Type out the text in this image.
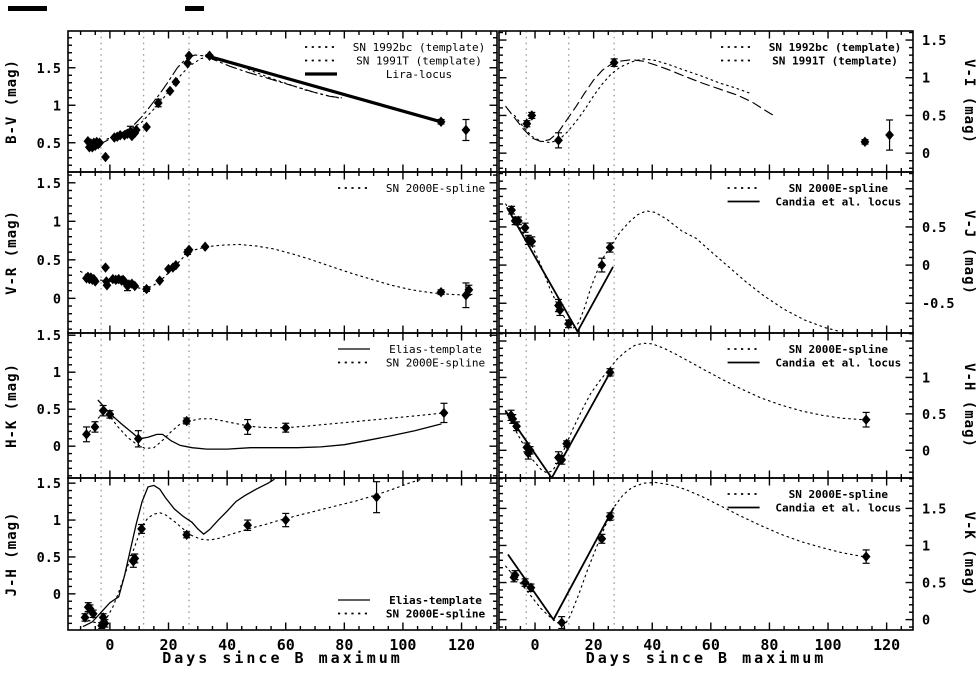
0.5
1
1.5
B-V (mag)
SN 1992bc (template)
SN 1991T (template)
Lira-locus
0
0.5
1
1.5
V-I (mag)
SN 1992bc (template)
SN 1991T (template)
0
0.5
1
1.5
V-R (mag)
SN 2000E-spline
-0.5
0
0.5 V-J (mag)
SN 2000E-spline
Candia et al. locus
0
0.5
1
1.5
H-K (mag)
Elias-template
SN 2000E-spline
0
0.5
1 V-H (mag)
SN 2000E-spline
Candia et al. locus
0	20	40	60	80 100 120
0
0.5
1
1.5
J-H (mag)
Elias-template
SN 2000E-spline
Days since B maximum
0	20	40	60	80 100 120
0
0.5
1
1.5
V-K (mag)
SN 2000E-spline
Candia et al. locus
Days since B maximum
